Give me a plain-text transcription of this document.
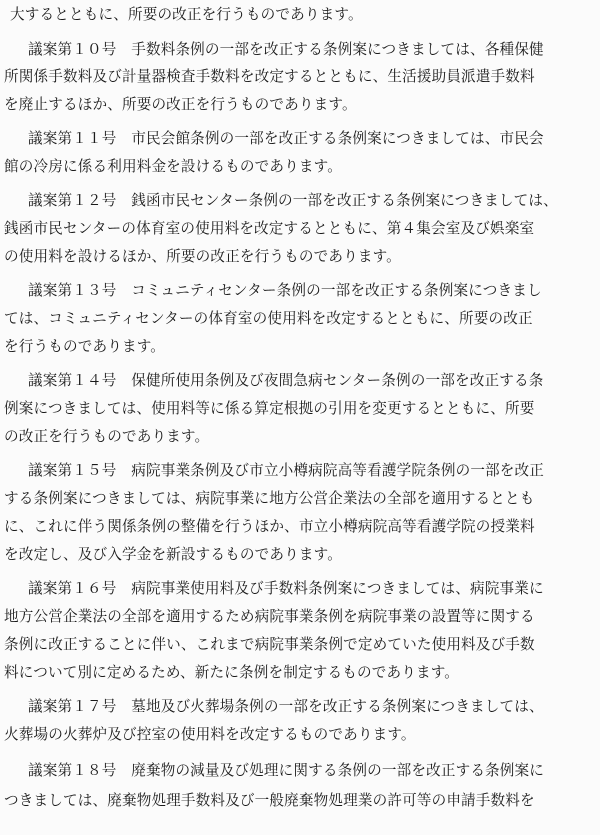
大するとともに、所要の改正を行うものであります。
議案第１０号　手数料条例の一部を改正する条例案につきましては、各種保健
所関係手数料及び計量器検査手数料を改定するとともに、生活援助員派遣手数料
を廃止するほか、所要の改正を行うものであります。
議案第１１号　市民会館条例の一部を改正する条例案につきましては、市民会
館の冷房に係る利用料金を設けるものであります。
議案第１２号　銭函市民センター条例の一部を改正する条例案につきましては、
銭函市民センターの体育室の使用料を改定するとともに、第４集会室及び娯楽室
の使用料を設けるほか、所要の改正を行うものであります。
議案第１３号　コミュニティセンター条例の一部を改正する条例案につきまし
ては、コミュニティセンターの体育室の使用料を改定するとともに、所要の改正
を行うものであります。
議案第１４号　保健所使用条例及び夜間急病センター条例の一部を改正する条
例案につきましては、使用料等に係る算定根拠の引用を変更するとともに、所要
の改正を行うものであります。
議案第１５号　病院事業条例及び市立小樽病院高等看護学院条例の一部を改正
する条例案につきましては、病院事業に地方公営企業法の全部を適用するととも
に、これに伴う関係条例の整備を行うほか、市立小樽病院高等看護学院の授業料
を改定し、及び入学金を新設するものであります。
議案第１６号　病院事業使用料及び手数料条例案につきましては、病院事業に
地方公営企業法の全部を適用するため病院事業条例を病院事業の設置等に関する
条例に改正することに伴い、これまで病院事業条例で定めていた使用料及び手数
料について別に定めるため、新たに条例を制定するものであります。
議案第１７号　墓地及び火葬場条例の一部を改正する条例案につきましては、
火葬場の火葬炉及び控室の使用料を改定するものであります。
議案第１８号　廃棄物の減量及び処理に関する条例の一部を改正する条例案に
つきましては、廃棄物処理手数料及び一般廃棄物処理業の許可等の申請手数料を
